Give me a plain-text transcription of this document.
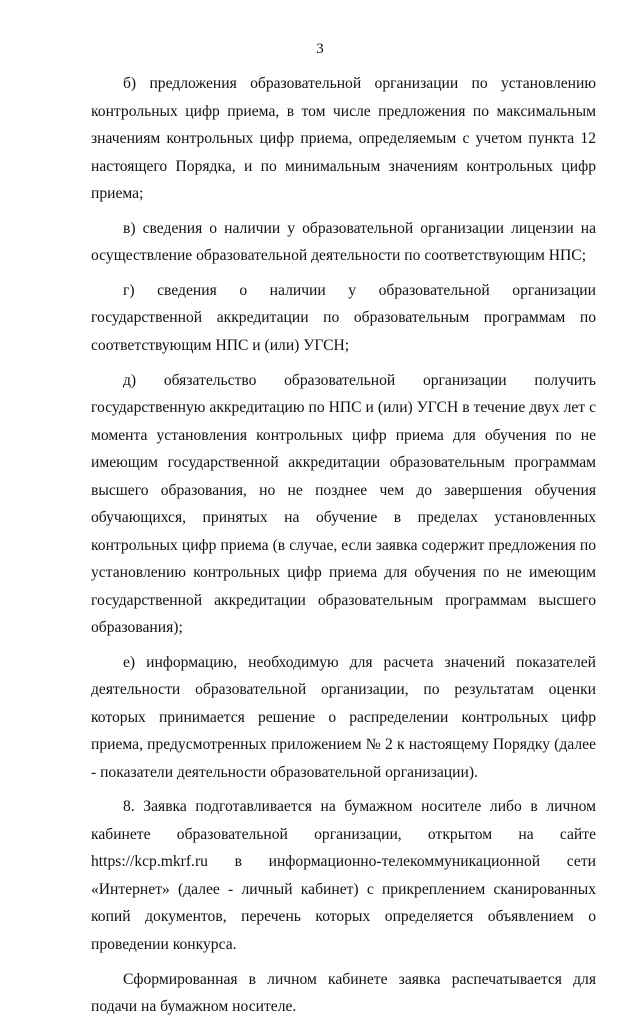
3

б) предложения образовательной организации по установлению контрольных цифр приема, в том числе предложения по максимальным значениям контрольных цифр приема, определяемым с учетом пункта 12 настоящего Порядка, и по минимальным значениям контрольных цифр приема;

в) сведения о наличии у образовательной организации лицензии на осуществление образовательной деятельности по соответствующим НПС;

г) сведения о наличии у образовательной организации государственной аккредитации по образовательным программам по соответствующим НПС и (или) УГСН;

д) обязательство образовательной организации получить государственную аккредитацию по НПС и (или) УГСН в течение двух лет с момента установления контрольных цифр приема для обучения по не имеющим государственной аккредитации образовательным программам высшего образования, но не позднее чем до завершения обучения обучающихся, принятых на обучение в пределах установленных контрольных цифр приема (в случае, если заявка содержит предложения по установлению контрольных цифр приема для обучения по не имеющим государственной аккредитации образовательным программам высшего образования);

е) информацию, необходимую для расчета значений показателей деятельности образовательной организации, по результатам оценки которых принимается решение о распределении контрольных цифр приема, предусмотренных приложением № 2 к настоящему Порядку (далее - показатели деятельности образовательной организации).

8. Заявка подготавливается на бумажном носителе либо в личном кабинете образовательной организации, открытом на сайте https://kcp.mkrf.ru в информационно-телекоммуникационной сети «Интернет» (далее - личный кабинет) с прикреплением сканированных копий документов, перечень которых определяется объявлением о проведении конкурса.

Сформированная в личном кабинете заявка распечатывается для подачи на бумажном носителе.
